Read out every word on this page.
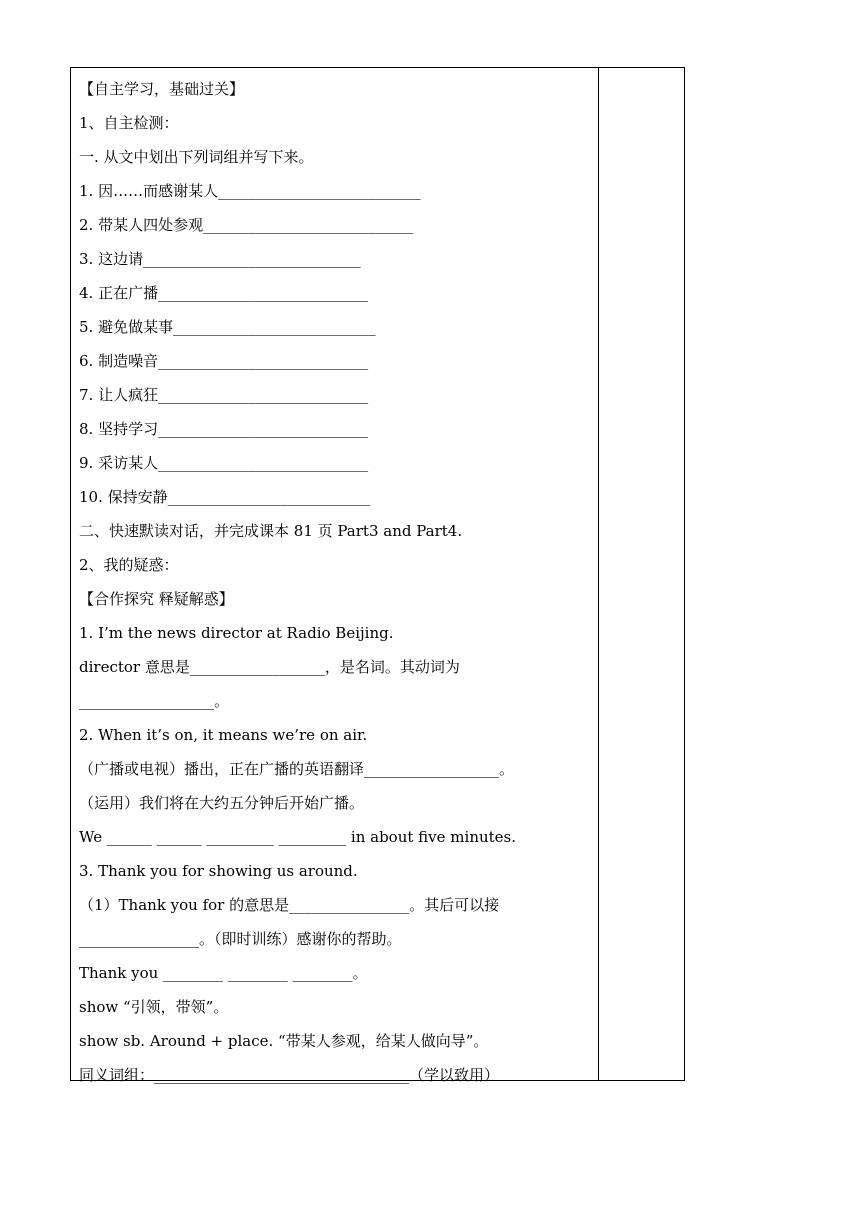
【自主学习，基础过关】
1、自主检测：
一. 从文中划出下列词组并写下来。
1. 因……而感谢某人___________________________
2. 带某人四处参观____________________________
3. 这边请_____________________________
4. 正在广播____________________________
5. 避免做某事___________________________
6. 制造噪音____________________________
7. 让人疯狂____________________________
8. 坚持学习____________________________
9. 采访某人____________________________
10. 保持安静___________________________
二、快速默读对话，并完成课本 81 页 Part3 and Part4.
2、我的疑惑：
【合作探究 释疑解惑】
1. I’m the news director at Radio Beijing.
director 意思是__________________，是名词。其动词为
__________________。
2. When it’s on, it means we’re on air.
（广播或电视）播出，正在广播的英语翻译__________________。
（运用）我们将在大约五分钟后开始广播。
We ______ ______ _________ _________ in about five minutes.
3. Thank you for showing us around.
（1）Thank you for 的意思是________________。其后可以接
________________。（即时训练）感谢你的帮助。
Thank you ________ ________ ________。
show “引领，带领”。
show sb. Around + place. “带某人参观，给某人做向导”。
同义词组：__________________________________（学以致用）
